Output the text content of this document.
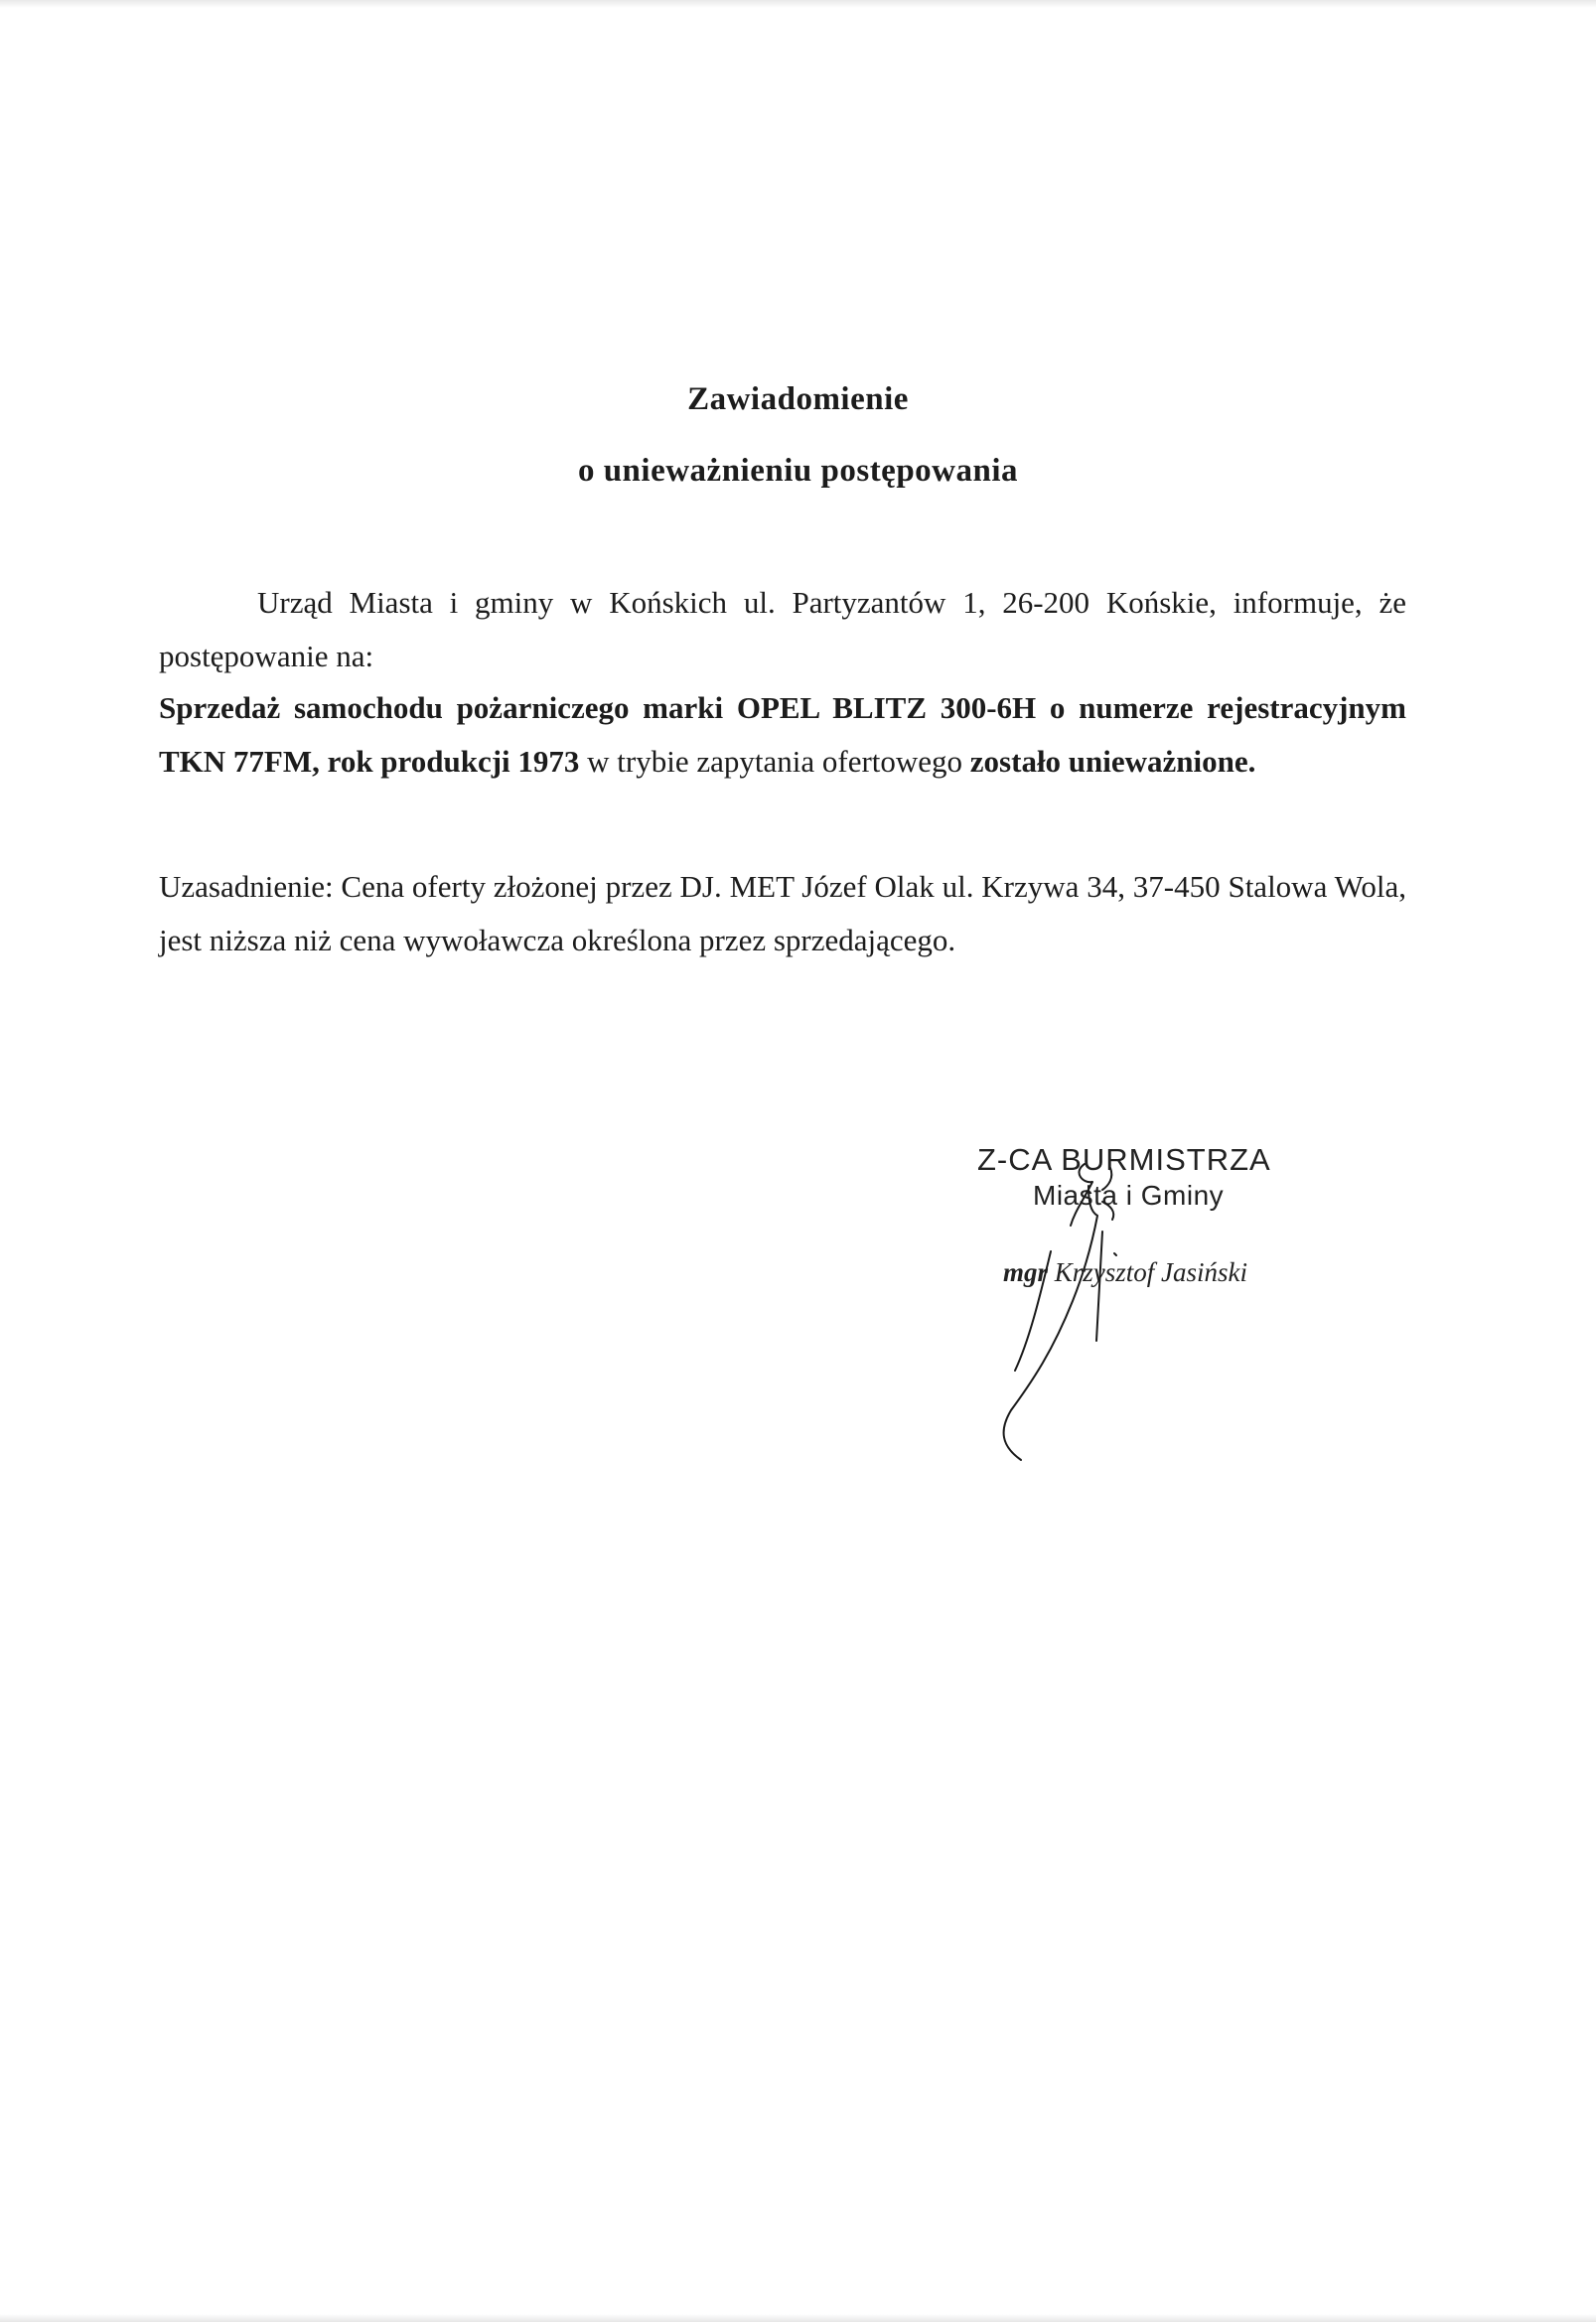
Zawiadomienie
o unieważnieniu postępowania

Urząd Miasta i gminy w Końskich ul. Partyzantów 1, 26-200 Końskie, informuje, że postępowanie na:

Sprzedaż samochodu pożarniczego marki OPEL BLITZ 300-6H o numerze rejestracyjnym TKN 77FM, rok produkcji 1973 w trybie zapytania ofertowego zostało unieważnione.

Uzasadnienie: Cena oferty złożonej przez DJ. MET Józef Olak ul. Krzywa 34, 37-450 Stalowa Wola, jest niższa niż cena wywoławcza określona przez sprzedającego.

Z-CA BURMISTRZA
Miasta i Gminy
mgr Krzysztof Jasiński
